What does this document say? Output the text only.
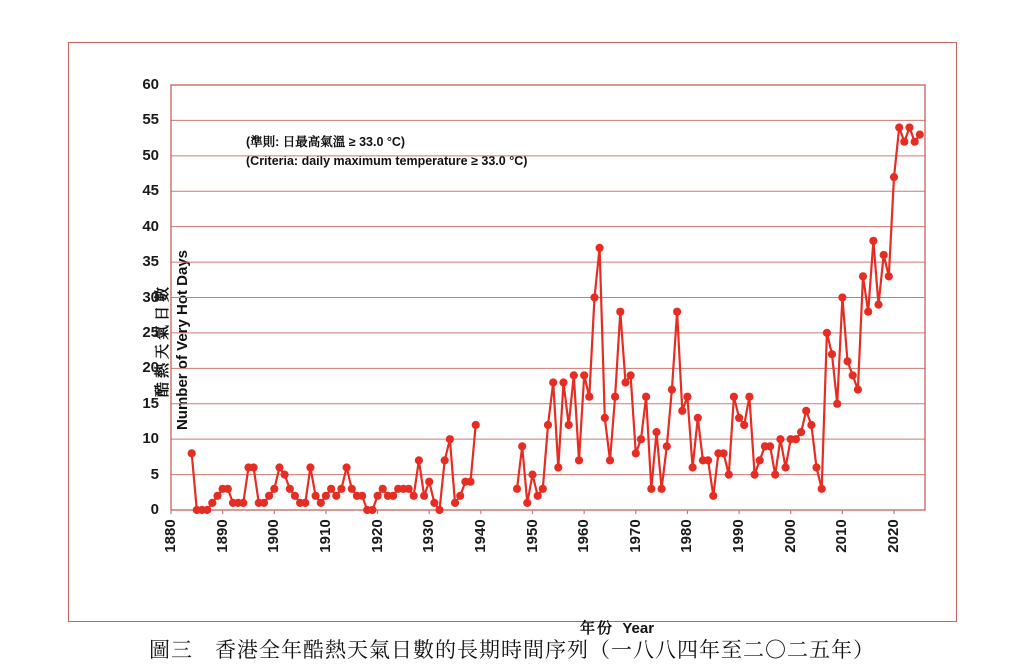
(準則: 日最高氣溫 ≥ 33.0 °C)
(Criteria: daily maximum temperature ≥ 33.0 °C)
酷熱天氣日數 Number of Very Hot Days
年份 Year
0
5
10
15
20
25
30
35
40
45
50
55
60
1880 1890 1900 1910 1920 1930 1940 1950 1960 1970 1980 1990 2000 2010 2020
圖三　香港全年酷熱天氣日數的長期時間序列（一八八四年至二〇二五年）
